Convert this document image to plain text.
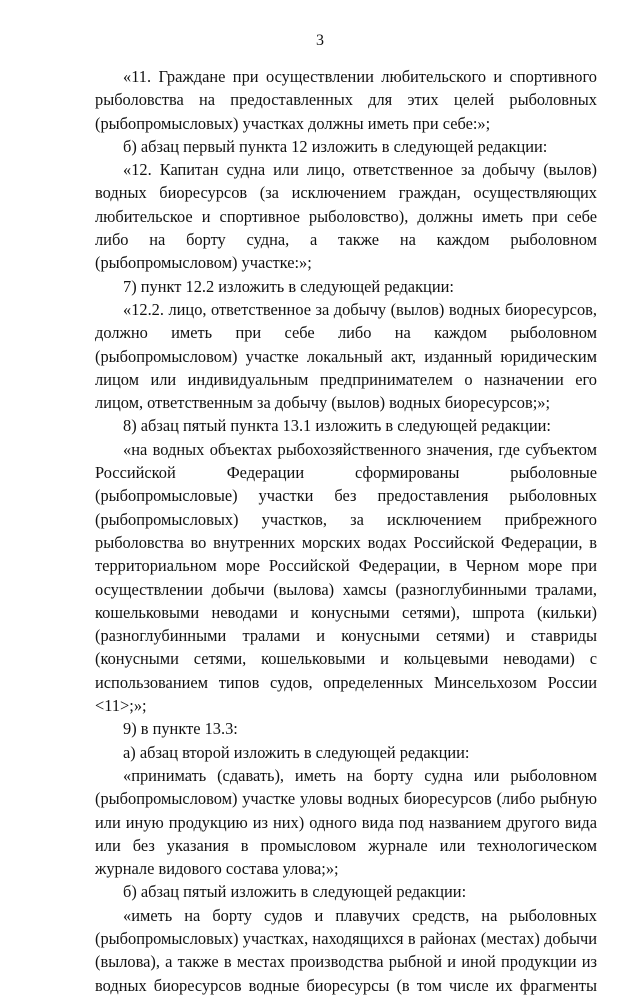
3

«11. Граждане при осуществлении любительского и спортивного рыболовства на предоставленных для этих целей рыболовных (рыбопромысловых) участках должны иметь при себе:»;

б) абзац первый пункта 12 изложить в следующей редакции:

«12. Капитан судна или лицо, ответственное за добычу (вылов) водных биоресурсов (за исключением граждан, осуществляющих любительское и спортивное рыболовство), должны иметь при себе либо на борту судна, а также на каждом рыболовном (рыбопромысловом) участке:»;

7) пункт 12.2 изложить в следующей редакции:

«12.2. лицо, ответственное за добычу (вылов) водных биоресурсов, должно иметь при себе либо на каждом рыболовном (рыбопромысловом) участке локальный акт, изданный юридическим лицом или индивидуальным предпринимателем о назначении его лицом, ответственным за добычу (вылов) водных биоресурсов;»;

8) абзац пятый пункта 13.1 изложить в следующей редакции:

«на водных объектах рыбохозяйственного значения, где субъектом Российской Федерации сформированы рыболовные (рыбопромысловые) участки без предоставления рыболовных (рыбопромысловых) участков, за исключением прибрежного рыболовства во внутренних морских водах Российской Федерации, в территориальном море Российской Федерации, в Черном море при осуществлении добычи (вылова) хамсы (разноглубинными тралами, кошельковыми неводами и конусными сетями), шпрота (кильки) (разноглубинными тралами и конусными сетями) и ставриды (конусными сетями, кошельковыми и кольцевыми неводами) с использованием типов судов, определенных Минсельхозом России <11>;»;

9) в пункте 13.3:

а) абзац второй изложить в следующей редакции:

«принимать (сдавать), иметь на борту судна или рыболовном (рыбопромысловом) участке уловы водных биоресурсов (либо рыбную или иную продукцию из них) одного вида под названием другого вида или без указания в промысловом журнале или технологическом журнале видового состава улова;»;

б) абзац пятый изложить в следующей редакции:

«иметь на борту судов и плавучих средств, на рыболовных (рыбопромысловых) участках, находящихся в районах (местах) добычи (вылова), а также в местах производства рыбной и иной продукции из водных биоресурсов водные биоресурсы (в том числе их фрагменты
